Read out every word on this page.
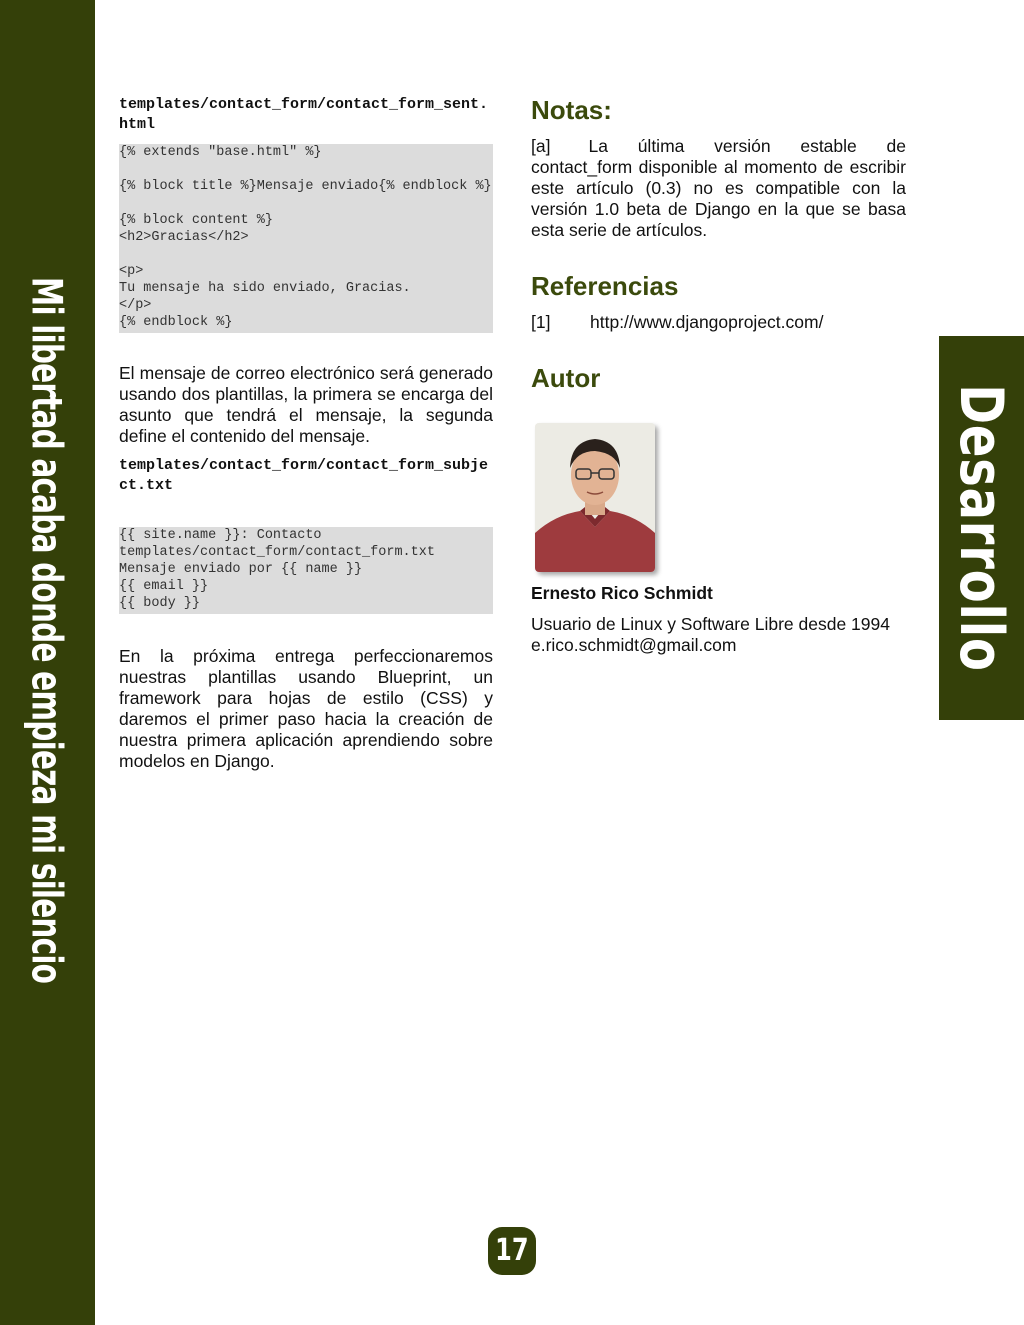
Mi libertad acaba donde empieza mi silencio	Desarrollo
templates/contact_form/contact_form_sent.html
{% extends "base.html" %}

{% block title %}Mensaje enviado{% endblock %}

{% block content %}
<h2>Gracias</h2>

<p>
Tu mensaje ha sido enviado, Gracias.
</p>
{% endblock %}
El mensaje de correo electrónico será generado usando dos plantillas, la primera se encarga del asunto que tendrá el mensaje, la segunda define el contenido del mensaje.
templates/contact_form/contact_form_subject.txt
{{ site.name }}: Contacto
templates/contact_form/contact_form.txt
Mensaje enviado por {{ name }}
{{ email }}
{{ body }}
En la próxima entrega perfeccionaremos nuestras plantillas usando Blueprint, un framework para hojas de estilo (CSS) y daremos el primer paso hacia la creación de nuestra primera aplicación aprendiendo sobre modelos en Django.
Notas:
[a] La última versión estable de contact_form disponible al momento de escribir este artículo (0.3) no es compatible con la versión 1.0 beta de Django en la que se basa esta serie de artículos.
Referencias
[1] http://www.djangoproject.com/
Autor
Ernesto Rico Schmidt
Usuario de Linux y Software Libre desde 1994
e.rico.schmidt@gmail.com
17
